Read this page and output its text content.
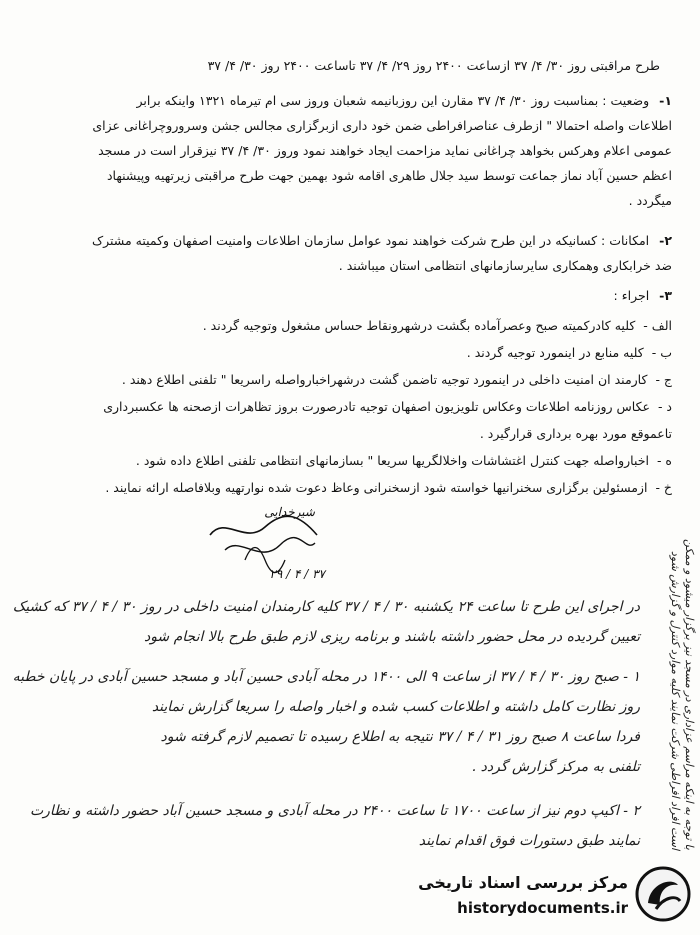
طرح مراقبتی روز ۳۰/ ۴/ ۳۷ ازساعت ۲۴۰۰ روز ۲۹/ ۴/ ۳۷ تاساعت ۲۴۰۰ روز ۳۰/ ۴/ ۳۷
۱- وضعیت : بمناسبت روز ۳۰/ ۴/ ۳۷ مقارن این روزبانیمه شعبان وروز سی ام تیرماه ۱۳۲۱ واینکه برابر
اطلاعات واصله احتمالا " ازطرف عناصرافراطی ضمن خود داری ازبرگزاری مجالس جشن وسروروچراغانی عزای
عمومی اعلام وهرکس بخواهد چراغانی نماید مزاحمت ایجاد خواهند نمود وروز ۳۰/ ۴/ ۳۷ نیزقرار است در مسجد
اعظم حسین آباد نماز جماعت توسط سید جلال طاهری اقامه شود بهمین جهت طرح مراقبتی زیرتهیه وپیشنهاد
میگردد .
۲- امکانات : کسانیکه در این طرح شرکت خواهند نمود عوامل سازمان اطلاعات وامنیت اصفهان وکمیته مشترک
ضد خرابکاری وهمکاری سایرسازمانهای انتظامی استان میباشند .
۳- اجراء :
الف - کلیه کادرکمیته صبح وعصرآماده بگشت درشهرونقاط حساس مشغول وتوجیه گردند .
ب - کلیه منابع در اینمورد توجیه گردند .
ج - کارمند ان امنیت داخلی در اینمورد توجیه تاضمن گشت درشهراخبارواصله راسریعا " تلفنی اطلاع دهند .
د - عکاس روزنامه اطلاعات وعکاس تلویزیون اصفهان توجیه تادرصورت بروز تظاهرات ازصحنه ها عکسبرداری
تاعموقع مورد بهره برداری قرارگیرد .
ه - اخبارواصله جهت کنترل اغتشاشات واخلالگریها سریعا " بسازمانهای انتظامی تلفنی اطلاع داده شود .
خ - ازمسئولین برگزاری سخنرانیها خواسته شود ازسخنرانی وعاظ دعوت شده نوارتهیه وبلافاصله ارائه نمایند .
شیرخدایی
۲۹ / ۴ / ۳۷
در اجرای این طرح تا ساعت ۲۴ یکشنبه ۳۰ / ۴ / ۳۷ کلیه کارمندان امنیت داخلی در روز ۳۰ / ۴ / ۳۷ که کشیک
تعیین گردیده در محل حضور داشته باشند و برنامه ریزی لازم طبق طرح بالا انجام شود
۱ - صبح روز ۳۰ / ۴ / ۳۷ از ساعت ۹ الی ۱۴۰۰ در محله آبادی حسین آباد و مسجد حسین آبادی در پایان خطبه
روز نظارت کامل داشته و اطلاعات کسب شده و اخبار واصله را سریعا گزارش نمایند
فردا ساعت ۸ صبح روز ۳۱ / ۴ / ۳۷ نتیجه به اطلاع رسیده تا تصمیم لازم گرفته شود
تلفنی به مرکز گزارش گردد .
۲ - اکیپ دوم نیز از ساعت ۱۷۰۰ تا ساعت ۲۴۰۰ در محله آبادی و مسجد حسین آباد حضور داشته و نظارت
نمایند طبق دستورات فوق اقدام نمایند	با توجه به اینکه مراسم عزاداری در مسجد نیز برگزار میشود و ممکن است افراد افراطی شرکت نمایند کلیه موارد کنترل و گزارش شود
مرکز بررسی اسناد تاریخی
historydocuments.ir
